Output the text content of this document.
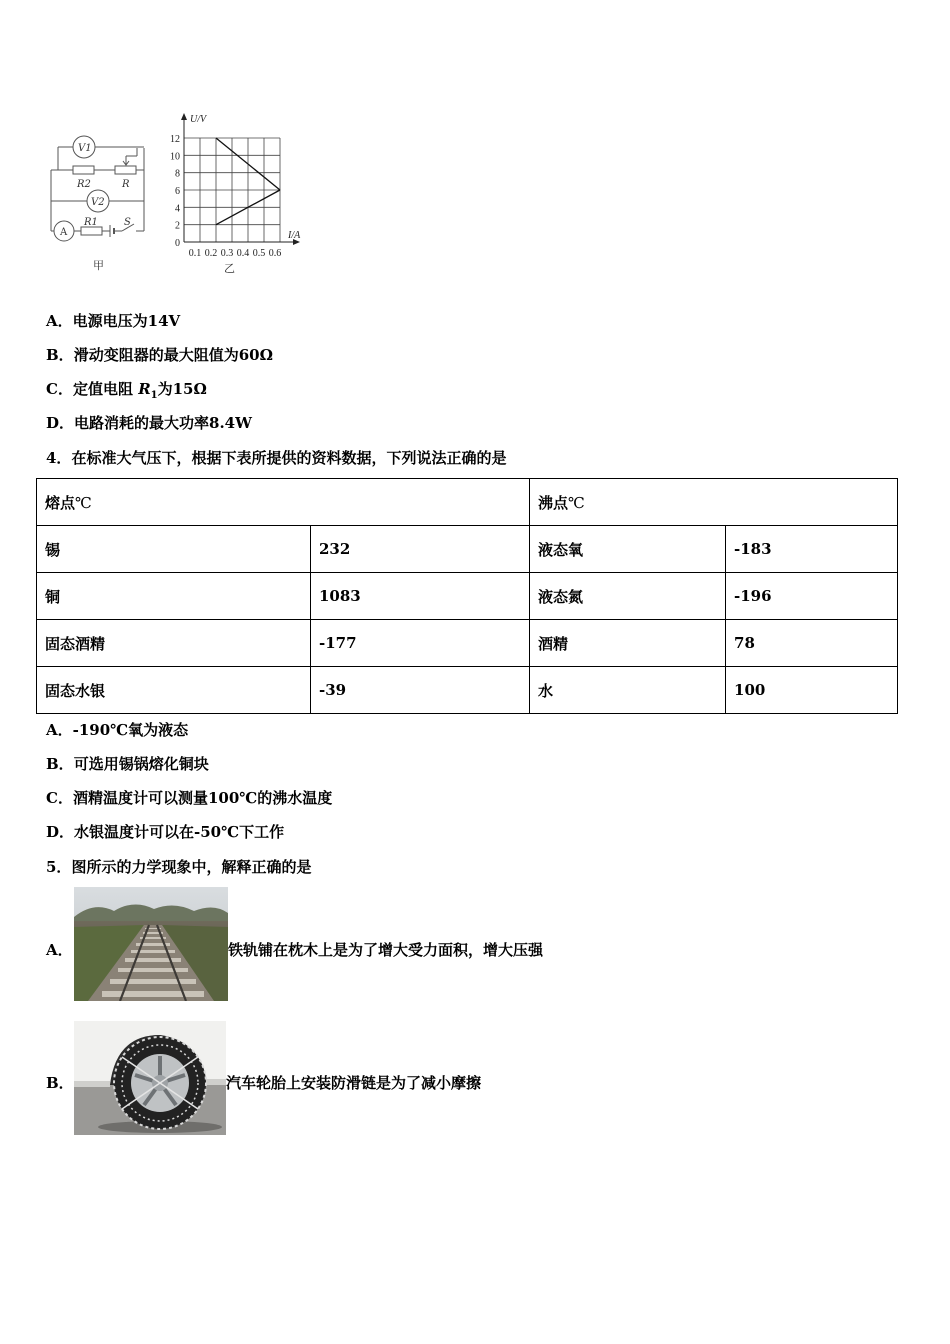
V1
V2
R2	R
R1
A
S
甲
0
2
4
6
8
10
12
0.1 0.2 0.3 0.4 0.5 0.6
U/V
I/A
乙
A．电源电压为14V
B．滑动变阻器的最大阻值为60Ω
C．定值电阻 $R_1$为15Ω
D．电路消耗的最大功率8.4W
4．在标准大气压下，根据下表所提供的资料数据，下列说法正确的是
熔点℃		沸点℃	
锡	232	液态氧	-183
铜	1083	液态氮	-196
固态酒精	-177	酒精	78
固态水银	-39	水	100
A．-190℃氧为液态
B．可选用锡锅熔化铜块
C．酒精温度计可以测量100℃的沸水温度
D．水银温度计可以在-50℃下工作
5．图所示的力学现象中，解释正确的是
A．	铁轨铺在枕木上是为了增大受力面积，增大压强
B．	汽车轮胎上安装防滑链是为了减小摩擦
